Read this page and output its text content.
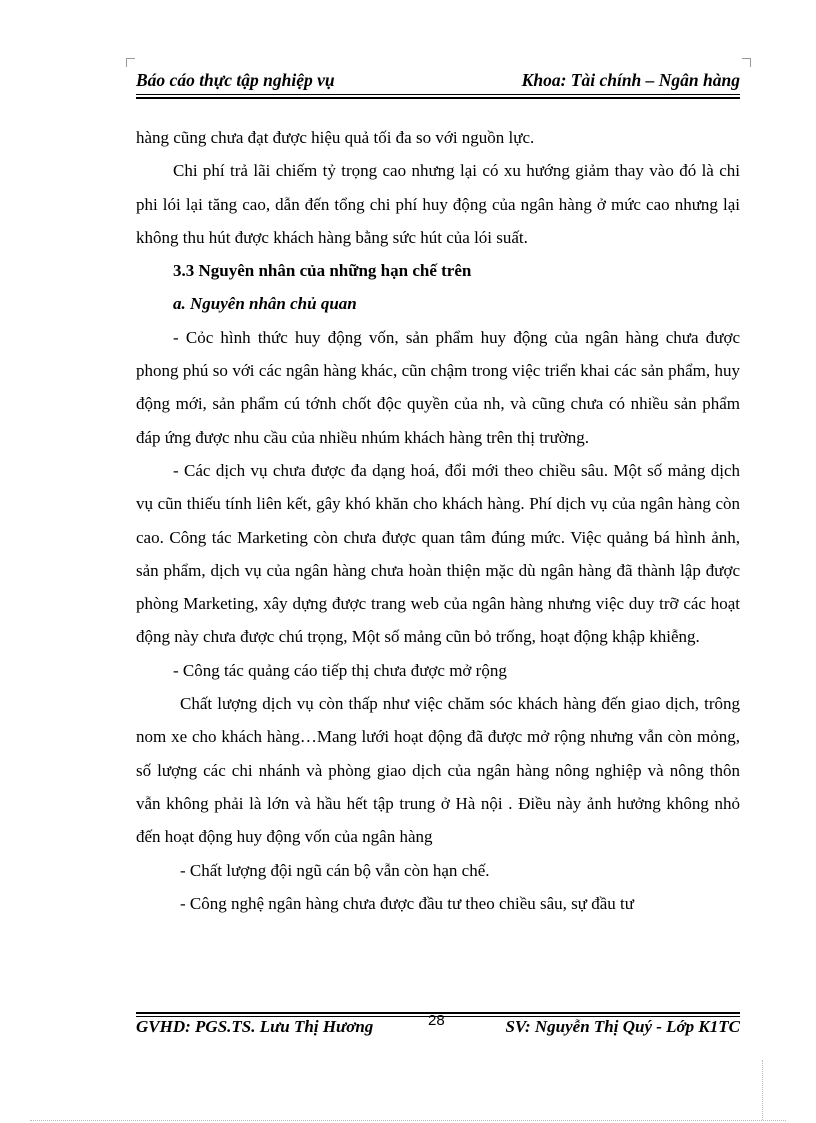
Báo cáo thực tập nghiệp vụ	Khoa: Tài chính – Ngân hàng

hàng cũng chưa đạt được hiệu quả tối đa so với nguồn lực.

Chi phí trả lãi chiếm tỷ trọng cao nhưng lại có xu hướng giảm thay vào đó là chi phi lói lại tăng cao, dẫn đến tổng chi phí huy động của ngân hàng ở mức cao nhưng lại không thu hút được khách hàng bằng sức hút của lói suất.

3.3 Nguyên nhân của những hạn chế trên

a. Nguyên nhân chủ quan

- Cỏc hình thức huy động vốn, sản phẩm huy động của ngân hàng chưa được phong phú so với các ngân hàng khác, cũn chậm trong việc triển khai các sản phẩm, huy động mới, sản phẩm cú tớnh chốt độc quyền của nh, và cũng chưa có nhiều sản phẩm đáp ứng được nhu cầu của nhiều nhúm khách hàng trên thị trường.

- Các dịch vụ chưa được đa dạng hoá, đổi mới theo chiều sâu. Một số mảng dịch vụ cũn thiếu tính liên kết, gây khó khăn cho khách hàng. Phí dịch vụ của ngân hàng còn cao. Công tác Marketing còn chưa được quan tâm đúng mức. Việc quảng bá hình ảnh, sản phẩm, dịch vụ của ngân hàng chưa hoàn thiện mặc dù ngân hàng đã thành lập được phòng Marketing, xây dựng được trang web của ngân hàng nhưng việc duy trỡ các hoạt động này chưa được chú trọng, Một số mảng cũn bỏ trống, hoạt động khập khiễng.

- Công tác quảng cáo tiếp thị chưa được mở rộng

Chất lượng dịch vụ còn thấp như việc chăm sóc khách hàng đến giao dịch, trông nom xe cho khách hàng…Mang lưới hoạt động đã được mở rộng nhưng vẫn còn mỏng, số lượng các chi nhánh và phòng giao dịch của ngân hàng nông nghiệp và nông thôn vẫn không phải là lớn và hầu hết tập trung ở Hà nội . Điều này ảnh hưởng không nhỏ đến hoạt động huy động vốn của ngân hàng

- Chất lượng đội ngũ cán bộ vẫn còn hạn chế.

- Công nghệ ngân hàng chưa được đầu tư theo chiều sâu, sự đầu tư

GVHD: PGS.TS. Lưu Thị Hương	28	SV: Nguyễn Thị Quý - Lớp K1TC
